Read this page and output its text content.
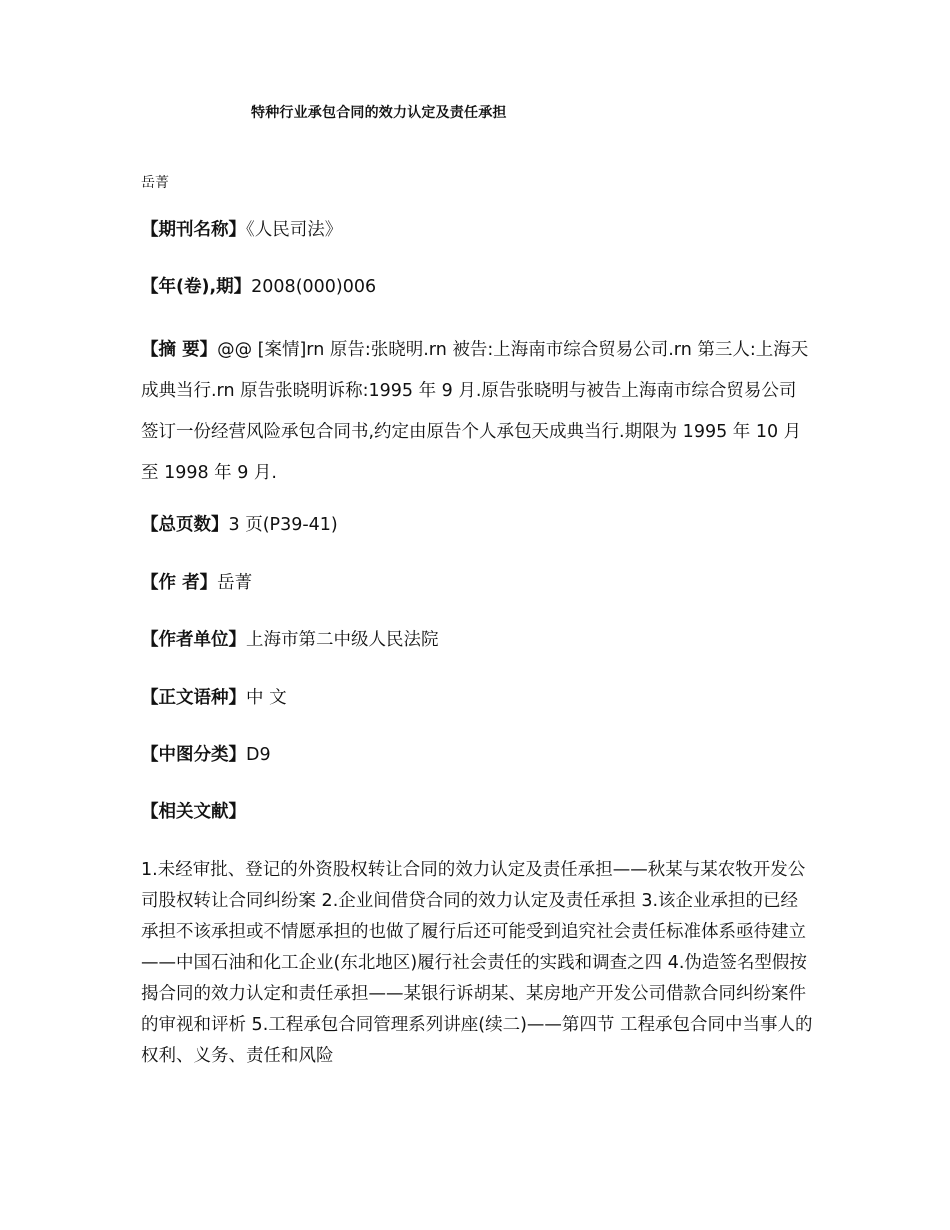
特种行业承包合同的效力认定及责任承担
岳菁
【期刊名称】《人民司法》
【年(卷),期】2008(000)006
【摘 要】@@ [案情]rn 原告:张晓明.rn 被告:上海南市综合贸易公司.rn 第三人:上海天成典当行.rn 原告张晓明诉称:1995 年 9 月.原告张晓明与被告上海南市综合贸易公司签订一份经营风险承包合同书,约定由原告个人承包天成典当行.期限为 1995 年 10 月至 1998 年 9 月.
【总页数】3 页(P39-41)
【作 者】岳菁
【作者单位】上海市第二中级人民法院
【正文语种】中 文
【中图分类】D9
【相关文献】
1.未经审批、登记的外资股权转让合同的效力认定及责任承担——秋某与某农牧开发公司股权转让合同纠纷案 2.企业间借贷合同的效力认定及责任承担 3.该企业承担的已经承担不该承担或不情愿承担的也做了履行后还可能受到追究社会责任标准体系亟待建立——中国石油和化工企业(东北地区)履行社会责任的实践和调查之四 4.伪造签名型假按揭合同的效力认定和责任承担——某银行诉胡某、某房地产开发公司借款合同纠纷案件的审视和评析 5.工程承包合同管理系列讲座(续二)——第四节 工程承包合同中当事人的权利、义务、责任和风险
